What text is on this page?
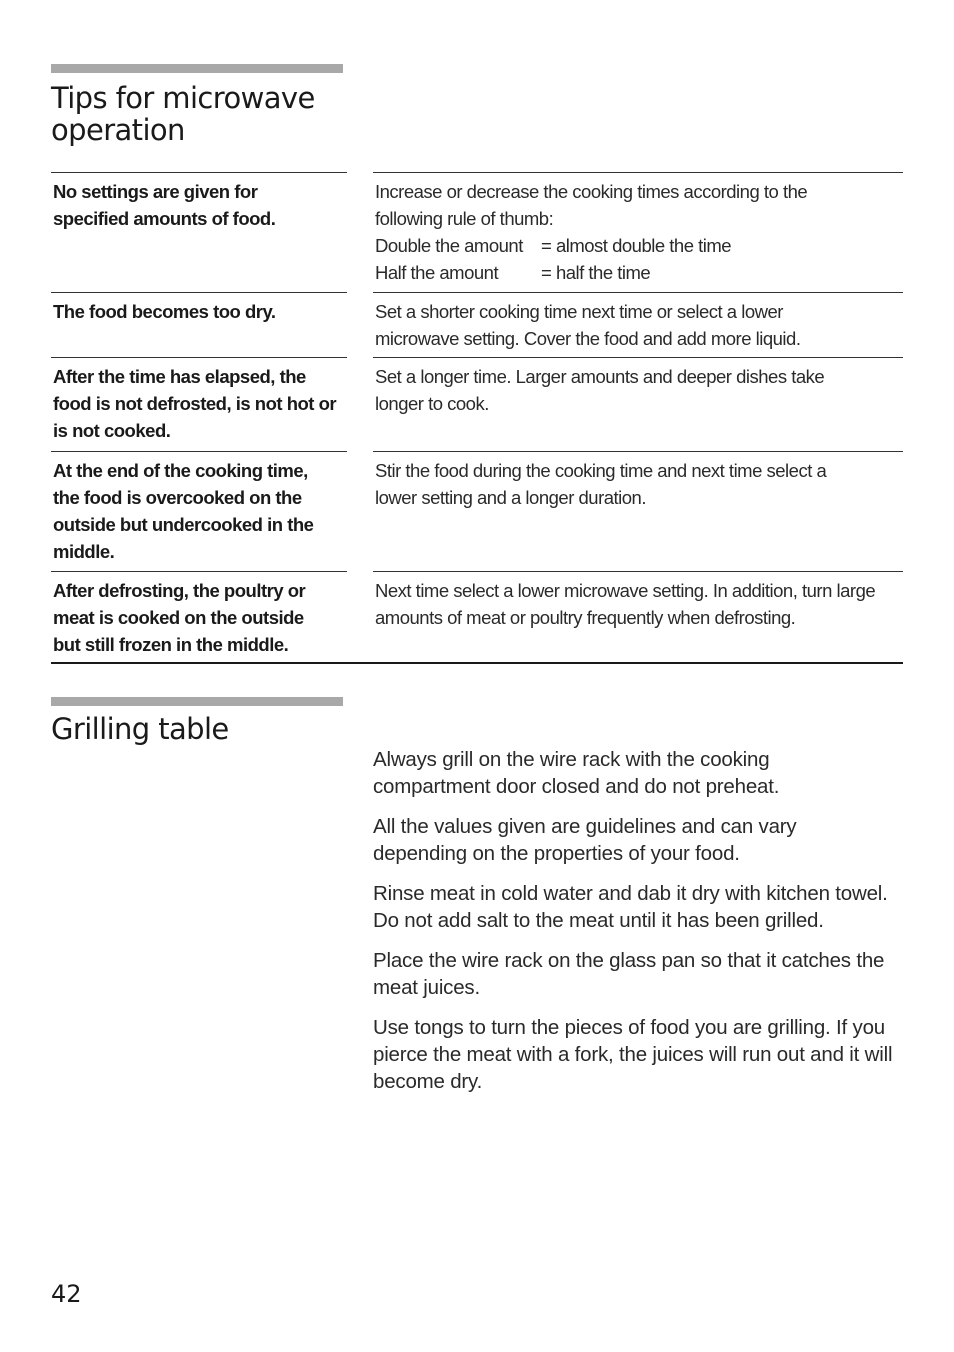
Tips for microwave
operation
No settings are given for specified amounts of food.
Increase or decrease the cooking times according to the following rule of thumb:
Double the amount = almost double the time
Half the amount	= half the time
The food becomes too dry.	Set a shorter cooking time next time or select a lower microwave setting. Cover the food and add more liquid.
After the time has elapsed, the food is not defrosted, is not hot or is not cooked.
Set a longer time. Larger amounts and deeper dishes take longer to cook.
At the end of the cooking time, the food is overcooked on the outside but undercooked in the middle.
Stir the food during the cooking time and next time select a lower setting and a longer duration.
After defrosting, the poultry or meat is cooked on the outside but still frozen in the middle.
Next time select a lower microwave setting. In addition, turn large amounts of meat or poultry frequently when defrosting.
Grilling table

Always grill on the wire rack with the cooking compartment door closed and do not preheat.

All the values given are guidelines and can vary depending on the properties of your food.

Rinse meat in cold water and dab it dry with kitchen towel.
Do not add salt to the meat until it has been grilled.

Place the wire rack on the glass pan so that it catches the meat juices.

Use tongs to turn the pieces of food you are grilling. If you pierce the meat with a fork, the juices will run out and it will become dry.

42
